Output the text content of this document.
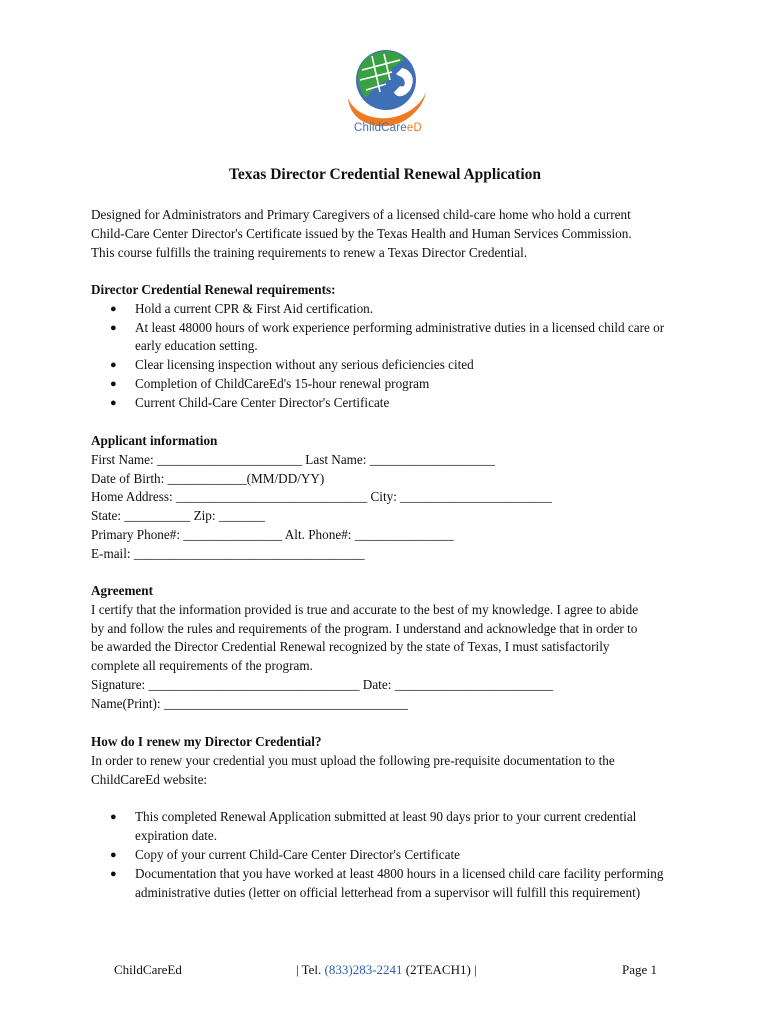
ChildCareeD
Texas Director Credential Renewal Application

Designed for Administrators and Primary Caregivers of a licensed child-care home who hold a current

Child-Care Center Director's Certificate issued by the Texas Health and Human Services Commission.

This course fulfills the training requirements to renew a Texas Director Credential.

Director Credential Renewal requirements:

● Hold a current CPR & First Aid certification.
● At least 48000 hours of work experience performing administrative duties in a licensed child care or early education setting.
● Clear licensing inspection without any serious deficiencies cited
● Completion of ChildCareEd's 15-hour renewal program
● Current Child-Care Center Director's Certificate

Applicant information

First Name: ______________________ Last Name: ___________________

Date of Birth: ____________(MM/DD/YY)

Home Address: _____________________________ City: _______________________

State: __________ Zip: _______

Primary Phone#: _______________ Alt. Phone#: _______________

E-mail: ___________________________________

Agreement

I certify that the information provided is true and accurate to the best of my knowledge. I agree to abide

by and follow the rules and requirements of the program. I understand and acknowledge that in order to

be awarded the Director Credential Renewal recognized by the state of Texas, I must satisfactorily

complete all requirements of the program.

Signature: ________________________________ Date: ________________________

Name(Print): _____________________________________

How do I renew my Director Credential?

In order to renew your credential you must upload the following pre-requisite documentation to the

ChildCareEd website:

● This completed Renewal Application submitted at least 90 days prior to your current credential expiration date.
● Copy of your current Child-Care Center Director's Certificate
● Documentation that you have worked at least 4800 hours in a licensed child care facility performing administrative duties (letter on official letterhead from a supervisor will fulfill this requirement)
ChildCareEd	| Tel. (833)283-2241 (2TEACH1) |	Page 1
